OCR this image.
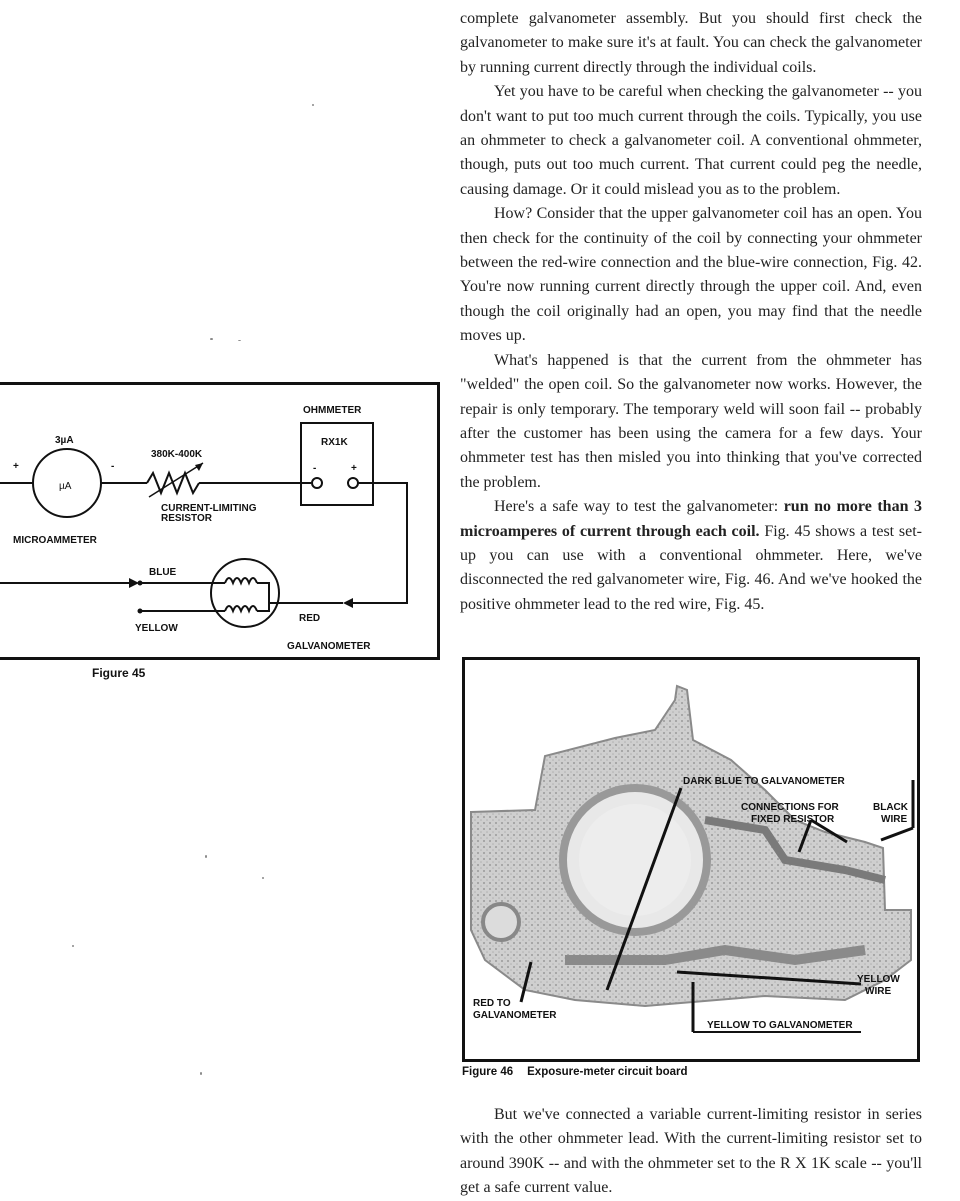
complete galvanometer assembly. But you should first check the galvanometer to make sure it's at fault. You can check the galvanometer by running current directly through the individual coils.

Yet you have to be careful when checking the galvanometer -- you don't want to put too much current through the coils. Typically, you use an ohmmeter to check a galvanometer coil. A conventional ohmmeter, though, puts out too much current. That current could peg the needle, causing damage. Or it could mislead you as to the problem.

How? Consider that the upper galvanometer coil has an open. You then check for the continuity of the coil by connecting your ohmmeter between the red-wire connection and the blue-wire connection, Fig. 42. You're now running current directly through the upper coil. And, even though the coil originally had an open, you may find that the needle moves up.

What's happened is that the current from the ohmmeter has "welded" the open coil. So the galvanometer now works. However, the repair is only temporary. The temporary weld will soon fail -- probably after the customer has been using the camera for a few days. Your ohmmeter test has then misled you into thinking that you've corrected the problem.

Here's a safe way to test the galvanometer: run no more than 3 microamperes of current through each coil. Fig. 45 shows a test set-up you can use with a conventional ohmmeter. Here, we've disconnected the red galvanometer wire, Fig. 46. And we've hooked the positive ohmmeter lead to the red wire, Fig. 45.

3µA
µA
+	-
MICROAMMETER
380K-400K
CURRENT-LIMITING
RESISTOR
OHMMETER
RX1K
-	+
BLUE
YELLOW
RED
GALVANOMETER
Figure 45
DARK BLUE TO GALVANOMETER
CONNECTIONS FOR
FIXED RESISTOR
BLACK
WIRE
YELLOW
WIRE
RED TO
GALVANOMETER
YELLOW TO GALVANOMETER
Figure 46 Exposure-meter circuit board

But we've connected a variable current-limiting resistor in series with the other ohmmeter lead. With the current-limiting resistor set to around 390K -- and with the ohmmeter set to the R X 1K scale -- you'll get a safe current value.
